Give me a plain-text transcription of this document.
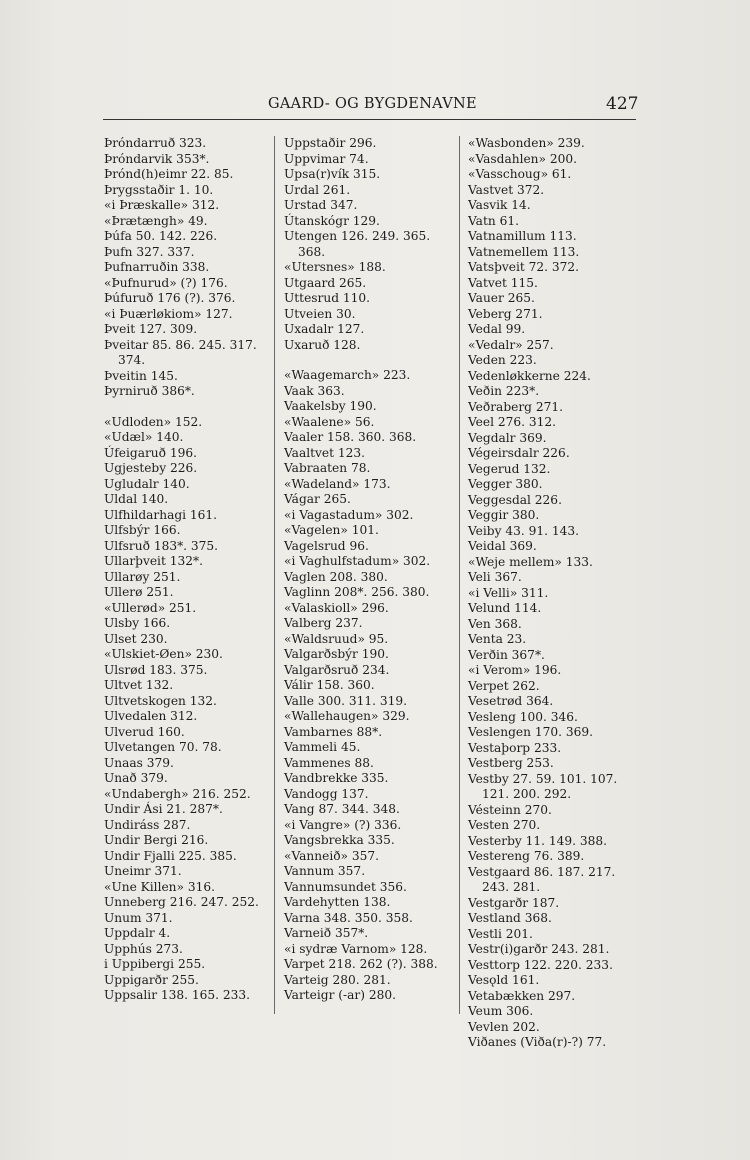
GAARD- OG BYGDENAVNE	427
Þróndarruð 323.
Þróndarvik 353*.
Þrónd(h)eimr 22. 85.
Þrygsstaðir 1. 10.
«i Þræskalle» 312.
«Þrætængh» 49.
Þúfa 50. 142. 226.
Þufn 327. 337.
Þufnarruðin 338.
«Þufnurud» (?) 176.
Þúfuruð 176 (?). 376.
«i Þuærløkiom» 127.
Þveit 127. 309.
Þveitar 85. 86. 245. 317. 374.
Þveitin 145.
Þyrniruð 386*.
«Udloden» 152.
«Udæl» 140.
Úfeigaruð 196.
Ugjesteby 226.
Ugludalr 140.
Uldal 140.
Ulfhildarhagi 161.
Ulfsbýr 166.
Ulfsruð 183*. 375.
Ullarþveit 132*.
Ullarøy 251.
Ullerø 251.
«Ullerød» 251.
Ulsby 166.
Ulset 230.
«Ulskiet-Øen» 230.
Ulsrød 183. 375.
Ultvet 132.
Ultvetskogen 132.
Ulvedalen 312.
Ulverud 160.
Ulvetangen 70. 78.
Unaas 379.
Unað 379.
«Undabergh» 216. 252.
Undir Ási 21. 287*.
Undiráss 287.
Undir Bergi 216.
Undir Fjalli 225. 385.
Uneimr 371.
«Une Killen» 316.
Unneberg 216. 247. 252.
Unum 371.
Uppdalr 4.
Upphús 273.
i Uppibergi 255.
Uppigarðr 255.
Uppsalir 138. 165. 233.
Uppstaðir 296.
Uppvimar 74.
Upsa(r)vík 315.
Urdal 261.
Urstad 347.
Útanskógr 129.
Utengen 126. 249. 365. 368.
«Utersnes» 188.
Utgaard 265.
Uttesrud 110.
Utveien 30.
Uxadalr 127.
Uxaruð 128.
«Waagemarch» 223.
Vaak 363.
Vaakelsby 190.
«Waalene» 56.
Vaaler 158. 360. 368.
Vaaltvet 123.
Vabraaten 78.
«Wadeland» 173.
Vágar 265.
«i Vagastadum» 302.
«Vagelen» 101.
Vagelsrud 96.
«i Vaghulfstadum» 302.
Vaglen 208. 380.
Vaglinn 208*. 256. 380.
«Valaskioll» 296.
Valberg 237.
«Waldsruud» 95.
Valgarðsbýr 190.
Valgarðsruð 234.
Válir 158. 360.
Valle 300. 311. 319.
«Wallehaugen» 329.
Vambarnes 88*.
Vammeli 45.
Vammenes 88.
Vandbrekke 335.
Vandogg 137.
Vang 87. 344. 348.
«i Vangre» (?) 336.
Vangsbrekka 335.
«Vanneið» 357.
Vannum 357.
Vannumsundet 356.
Vardehytten 138.
Varna 348. 350. 358.
Varneið 357*.
«i sydræ Varnom» 128.
Varpet 218. 262 (?). 388.
Varteig 280. 281.
Varteigr (-ar) 280.
«Wasbonden» 239.
«Vasdahlen» 200.
«Vasschoug» 61.
Vastvet 372.
Vasvik 14.
Vatn 61.
Vatnamillum 113.
Vatnemellem 113.
Vatsþveit 72. 372.
Vatvet 115.
Vauer 265.
Veberg 271.
Vedal 99.
«Vedalr» 257.
Veden 223.
Vedenløkkerne 224.
Veðin 223*.
Veðraberg 271.
Veel 276. 312.
Vegdalr 369.
Végeirsdalr 226.
Vegerud 132.
Vegger 380.
Veggesdal 226.
Veggir 380.
Veiby 43. 91. 143.
Veidal 369.
«Weje mellem» 133.
Veli 367.
«i Velli» 311.
Velund 114.
Ven 368.
Venta 23.
Verðin 367*.
«i Verom» 196.
Verpet 262.
Vesetrød 364.
Vesleng 100. 346.
Veslengen 170. 369.
Vestaþorp 233.
Vestberg 253.
Vestby 27. 59. 101. 107. 121. 200. 292.
Vésteinn 270.
Vesten 270.
Vesterby 11. 149. 388.
Vestereng 76. 389.
Vestgaard 86. 187. 217. 243. 281.
Vestgarðr 187.
Vestland 368.
Vestli 201.
Vestr(i)garðr 243. 281.
Vesttorp 122. 220. 233.
Vesǫld 161.
Vetabækken 297.
Veum 306.
Vevlen 202.
Viðanes (Viða(r)-?) 77.
